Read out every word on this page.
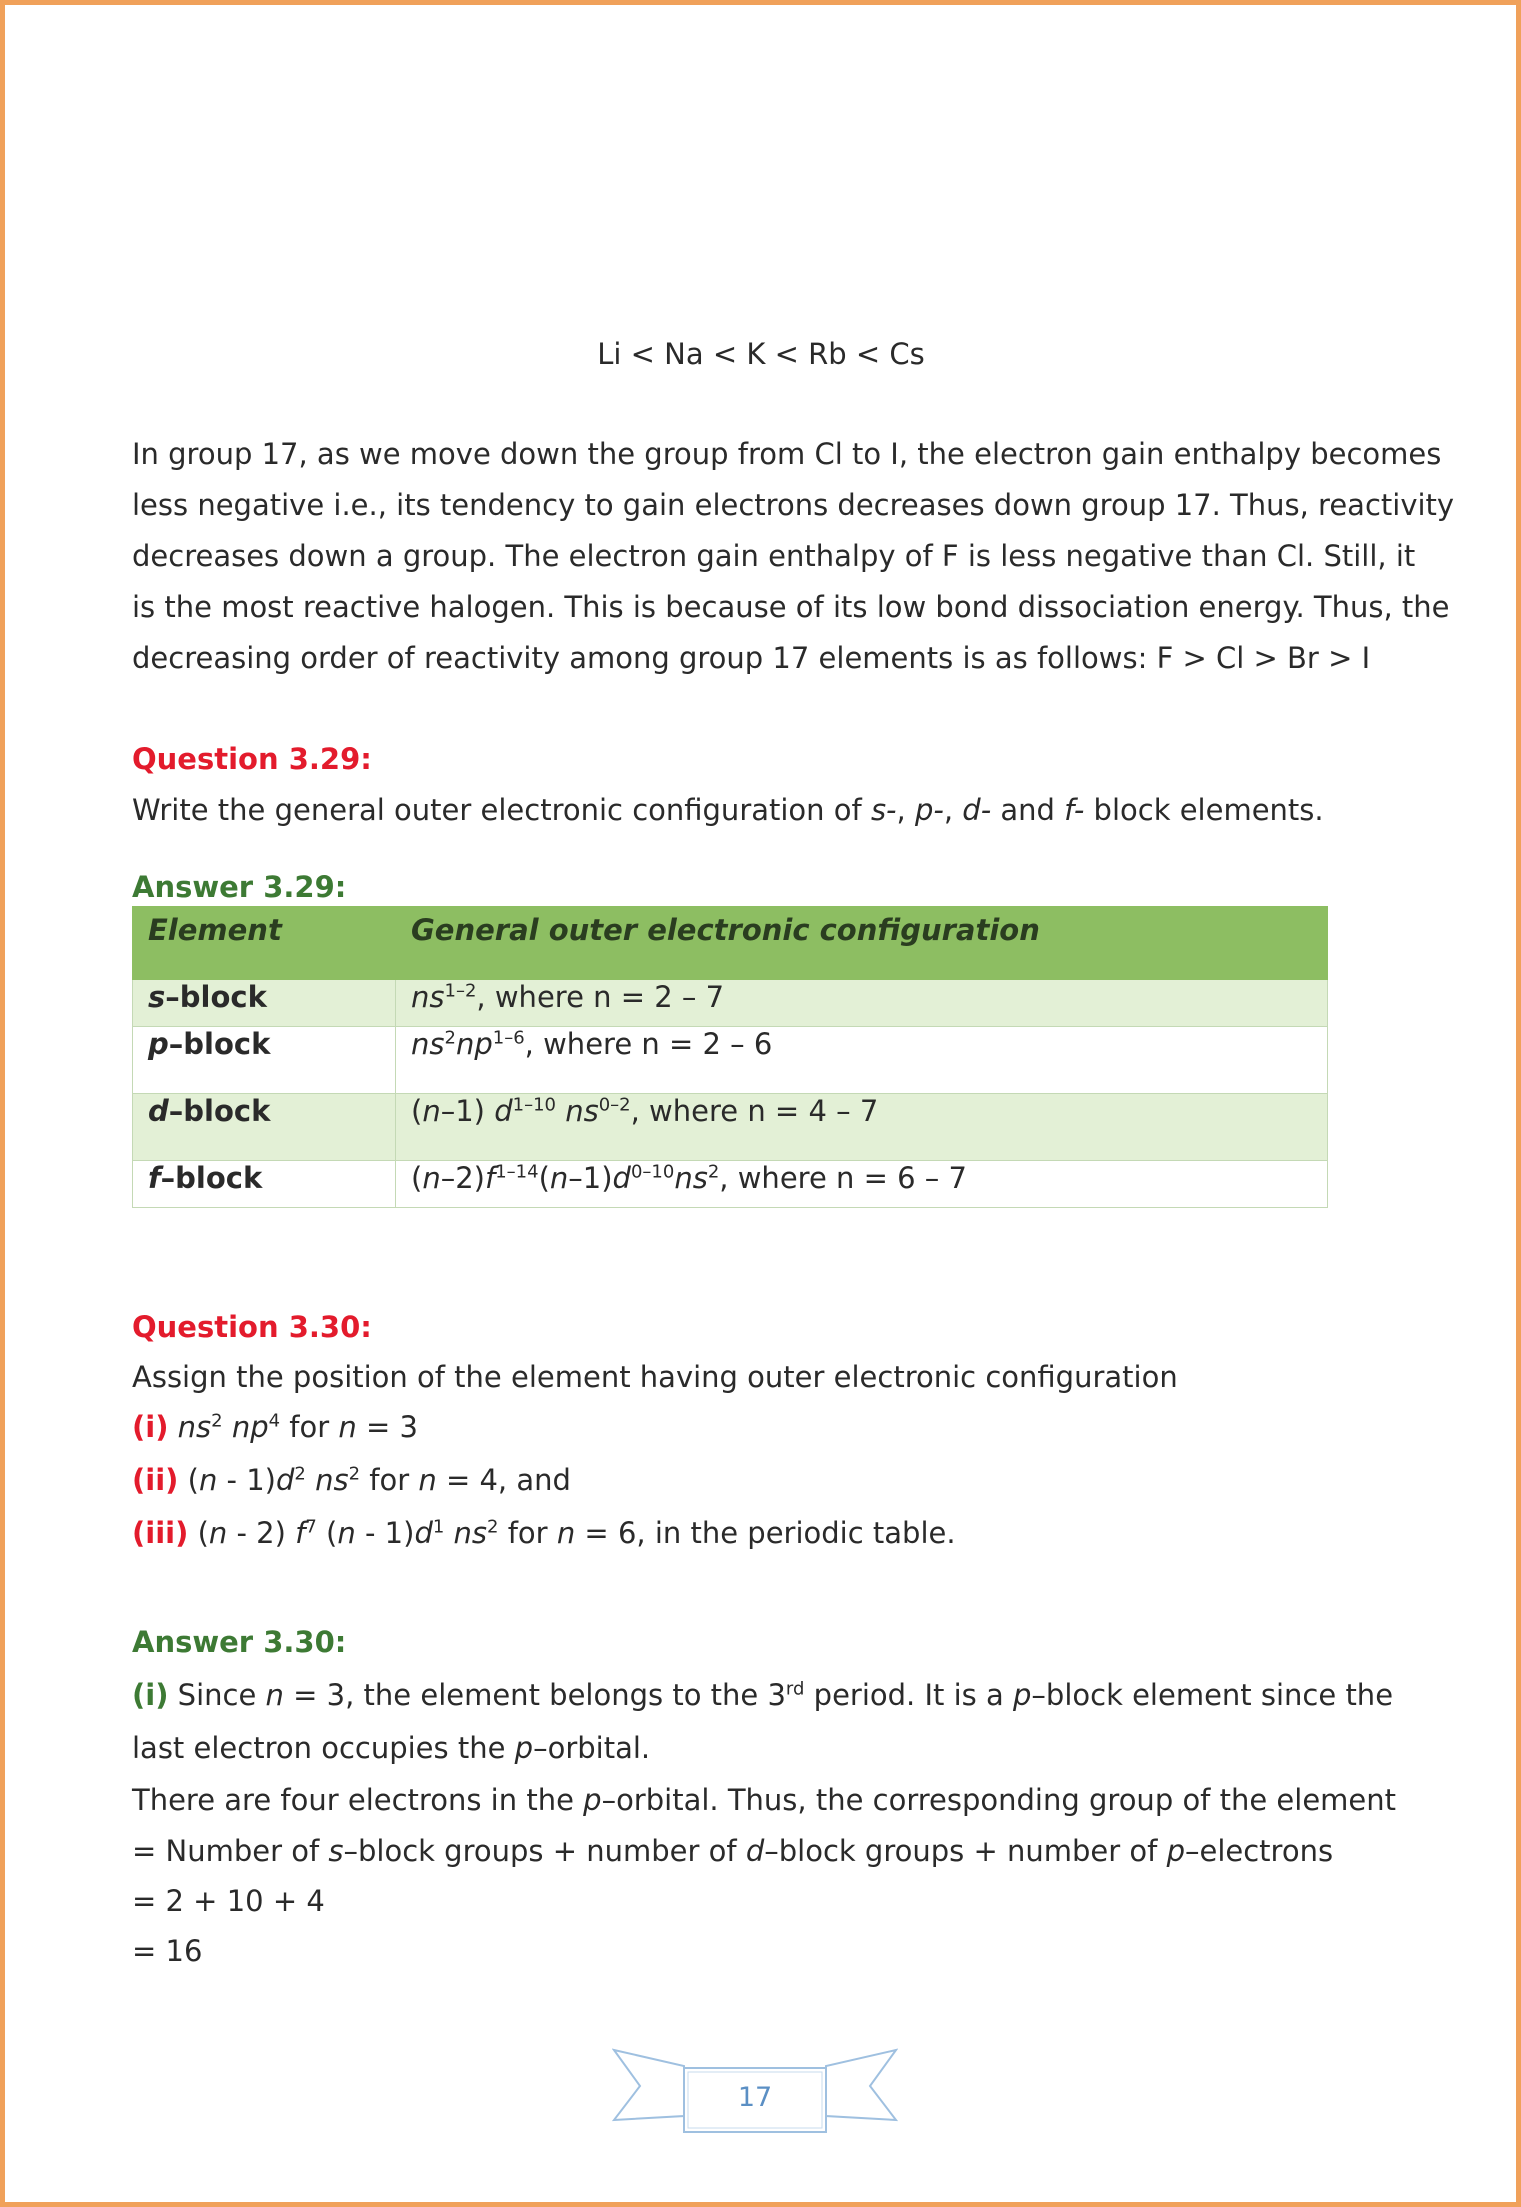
Li < Na < K < Rb < Cs
In group 17, as we move down the group from Cl to I, the electron gain enthalpy becomes
less negative i.e., its tendency to gain electrons decreases down group 17. Thus, reactivity
decreases down a group. The electron gain enthalpy of F is less negative than Cl. Still, it
is the most reactive halogen. This is because of its low bond dissociation energy. Thus, the
decreasing order of reactivity among group 17 elements is as follows: F > Cl > Br > I
Question 3.29:
Write the general outer electronic configuration of s-, p-, d- and f- block elements.
Answer 3.29:
Element	General outer electronic configuration
s–block	$ns^{1-2}$, where n = 2 – 7
p–block	$ns^2np^{1-6}$, where n = 2 – 6
d–block	(n–1) $d^{1-10}$ $ns^{0-2}$, where n = 4 – 7
f–block	$(n-2)f^{1-14}(n-1)d^{0-10}ns^2$, where n = 6 – 7
Question 3.30:
Assign the position of the element having outer electronic configuration
(i) $ns^2$ $np^4$ for n = 3
(ii) $(n - 1)d^2$ $ns^2$ for n = 4, and
(iii) (n - 2) $f^7$ $(n - 1)d^1$ $ns^2$ for n = 6, in the periodic table.
Answer 3.30:
(i) Since n = 3, the element belongs to the 3rd period. It is a p–block element since the
last electron occupies the p–orbital.
There are four electrons in the p–orbital. Thus, the corresponding group of the element
= Number of s–block groups + number of d–block groups + number of p–electrons
= 2 + 10 + 4
= 16
17
